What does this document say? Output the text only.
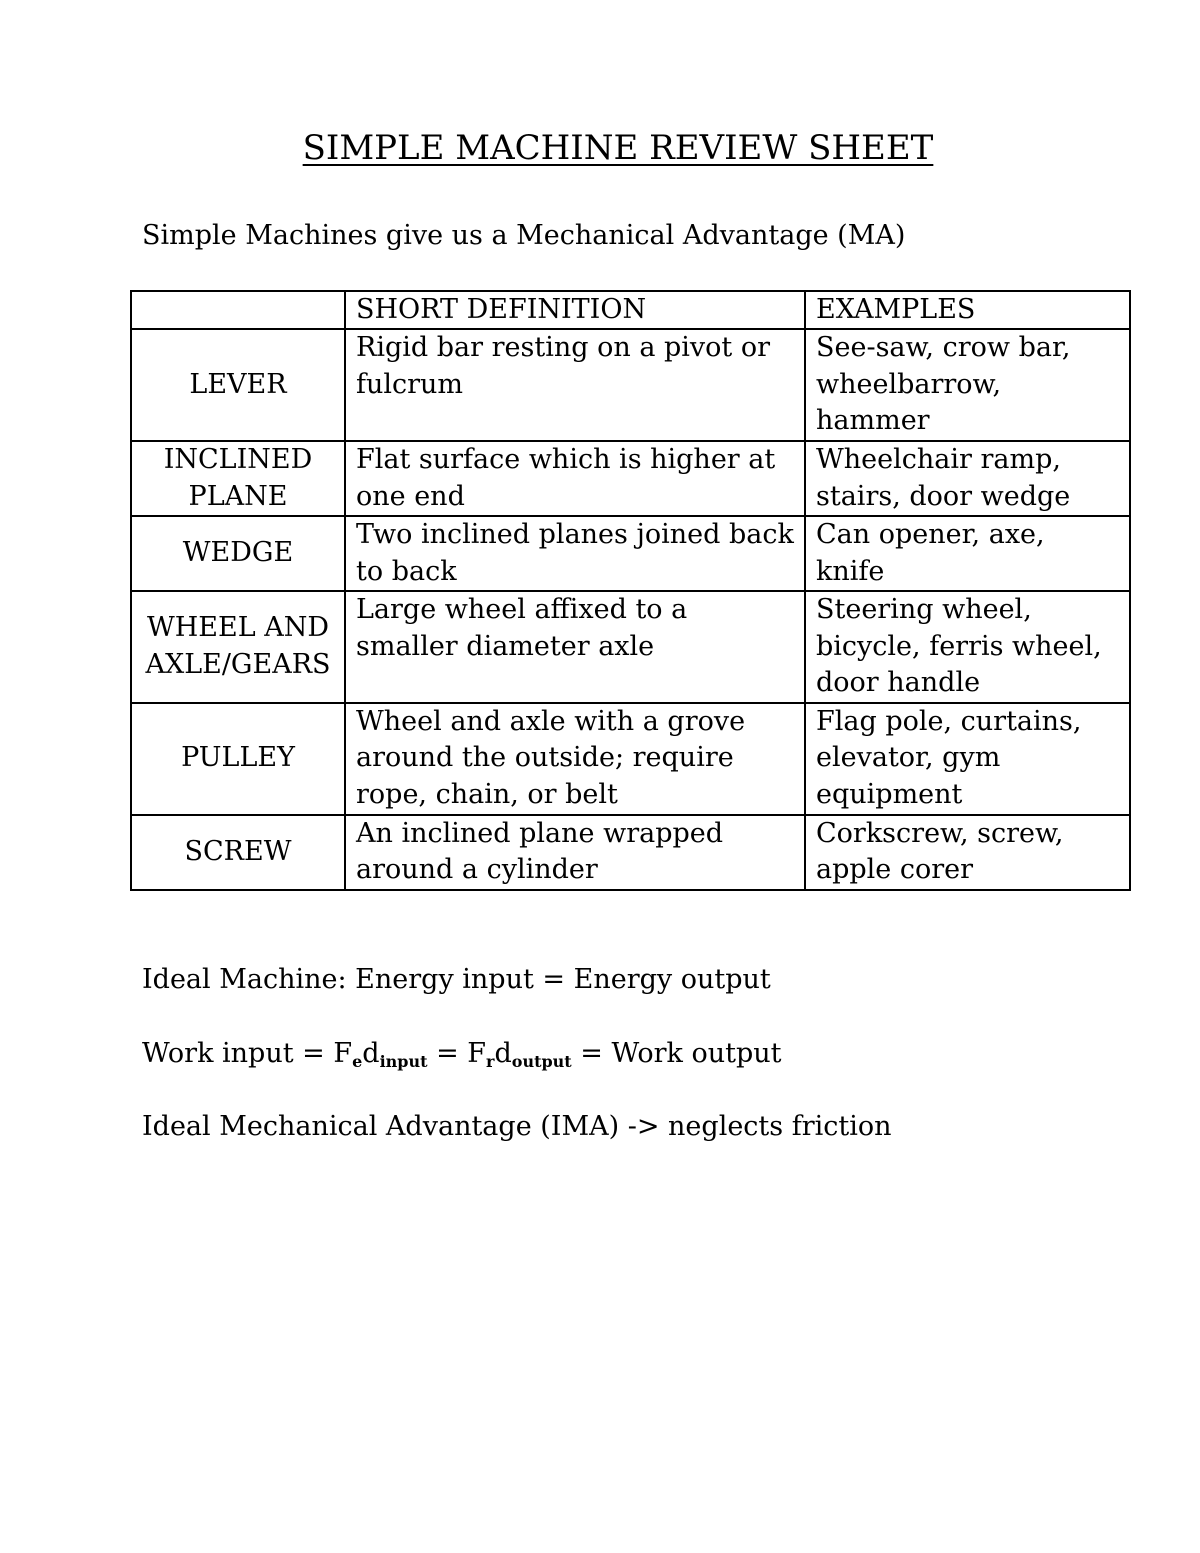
SIMPLE MACHINE REVIEW SHEET
Simple Machines give us a Mechanical Advantage (MA)
	SHORT DEFINITION	EXAMPLES
LEVER	Rigid bar resting on a pivot or fulcrum	See-saw, crow bar, wheelbarrow, hammer
INCLINED PLANE	Flat surface which is higher at one end	Wheelchair ramp, stairs, door wedge
WEDGE	Two inclined planes joined back to back	Can opener, axe, knife
WHEEL AND AXLE/GEARS	Large wheel affixed to a smaller diameter axle	Steering wheel, bicycle, ferris wheel, door handle
PULLEY	Wheel and axle with a grove around the outside; require rope, chain, or belt	Flag pole, curtains, elevator, gym equipment
SCREW	An inclined plane wrapped around a cylinder	Corkscrew, screw, apple corer
Ideal Machine: Energy input = Energy output
Work input = Fedinput = Frdoutput = Work output
Ideal Mechanical Advantage (IMA) -> neglects friction
